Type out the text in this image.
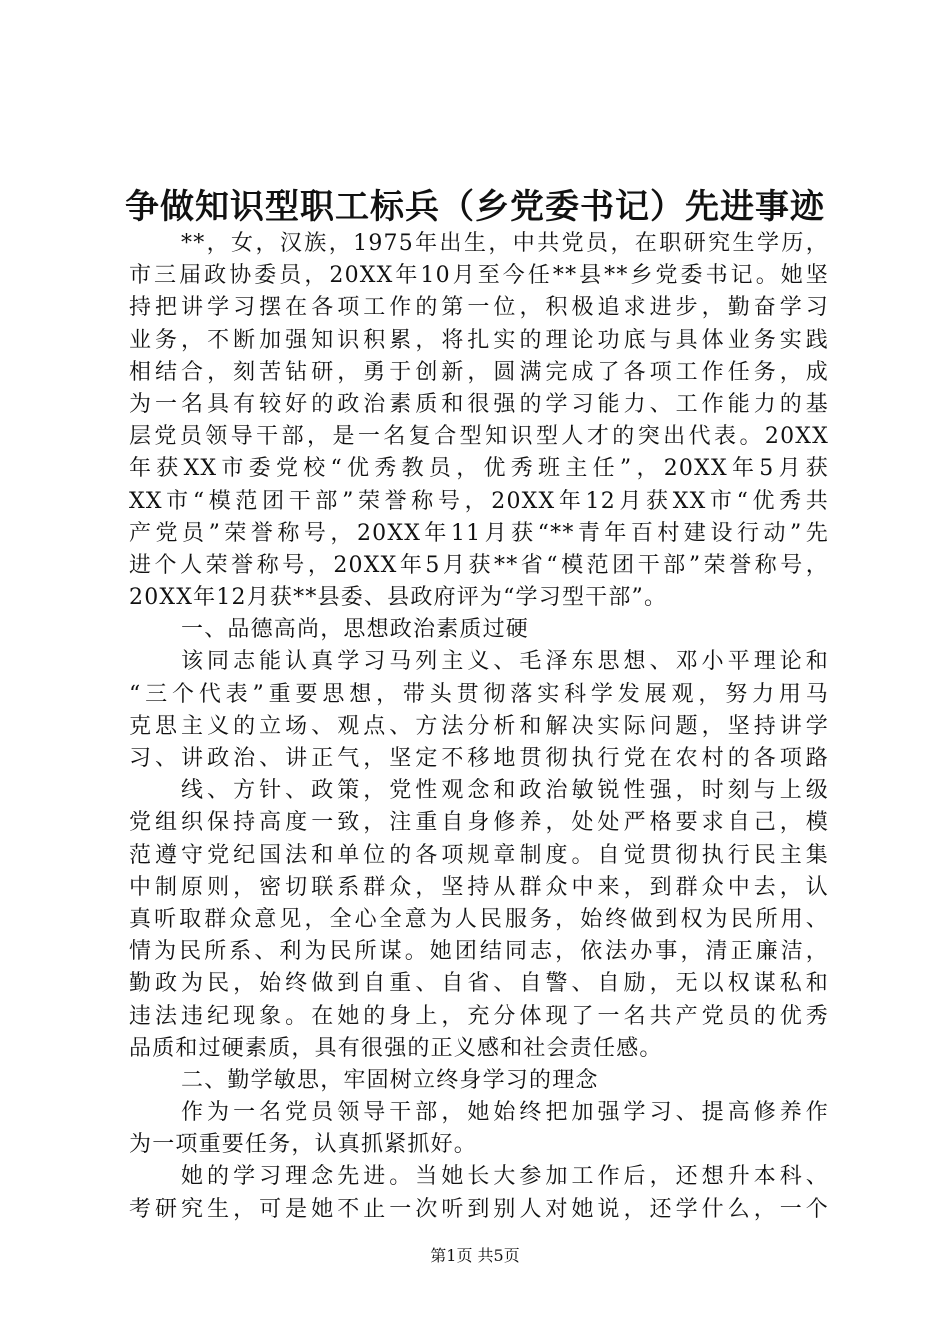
争做知识型职工标兵（乡党委书记）先进事迹
**，女，汉族，1975年出生，中共党员，在职研究生学历，
市三届政协委员，20XX年10月至今任**县**乡党委书记。她坚
持把讲学习摆在各项工作的第一位，积极追求进步，勤奋学习
业务，不断加强知识积累，将扎实的理论功底与具体业务实践
相结合，刻苦钻研，勇于创新，圆满完成了各项工作任务，成
为一名具有较好的政治素质和很强的学习能力、工作能力的基
层党员领导干部，是一名复合型知识型人才的突出代表。20XX
年获XX市委党校“优秀教员，优秀班主任”，20XX年5月获
XX市“模范团干部”荣誉称号，20XX年12月获XX市“优秀共
产党员”荣誉称号，20XX年11月获“**青年百村建设行动”先
进个人荣誉称号，20XX年5月获**省“模范团干部”荣誉称号，
20XX年12月获**县委、县政府评为“学习型干部”。
一、品德高尚，思想政治素质过硬
该同志能认真学习马列主义、毛泽东思想、邓小平理论和
“三个代表”重要思想，带头贯彻落实科学发展观，努力用马
克思主义的立场、观点、方法分析和解决实际问题，坚持讲学
习、讲政治、讲正气，坚定不移地贯彻执行党在农村的各项路
线、方针、政策，党性观念和政治敏锐性强，时刻与上级
党组织保持高度一致，注重自身修养，处处严格要求自己，模
范遵守党纪国法和单位的各项规章制度。自觉贯彻执行民主集
中制原则，密切联系群众，坚持从群众中来，到群众中去，认
真听取群众意见，全心全意为人民服务，始终做到权为民所用、
情为民所系、利为民所谋。她团结同志，依法办事，清正廉洁，
勤政为民，始终做到自重、自省、自警、自励，无以权谋私和
违法违纪现象。在她的身上，充分体现了一名共产党员的优秀
品质和过硬素质，具有很强的正义感和社会责任感。
二、勤学敏思，牢固树立终身学习的理念
作为一名党员领导干部，她始终把加强学习、提高修养作
为一项重要任务，认真抓紧抓好。
她的学习理念先进。当她长大参加工作后，还想升本科、
考研究生，可是她不止一次听到别人对她说，还学什么，一个
第1页 共5页
